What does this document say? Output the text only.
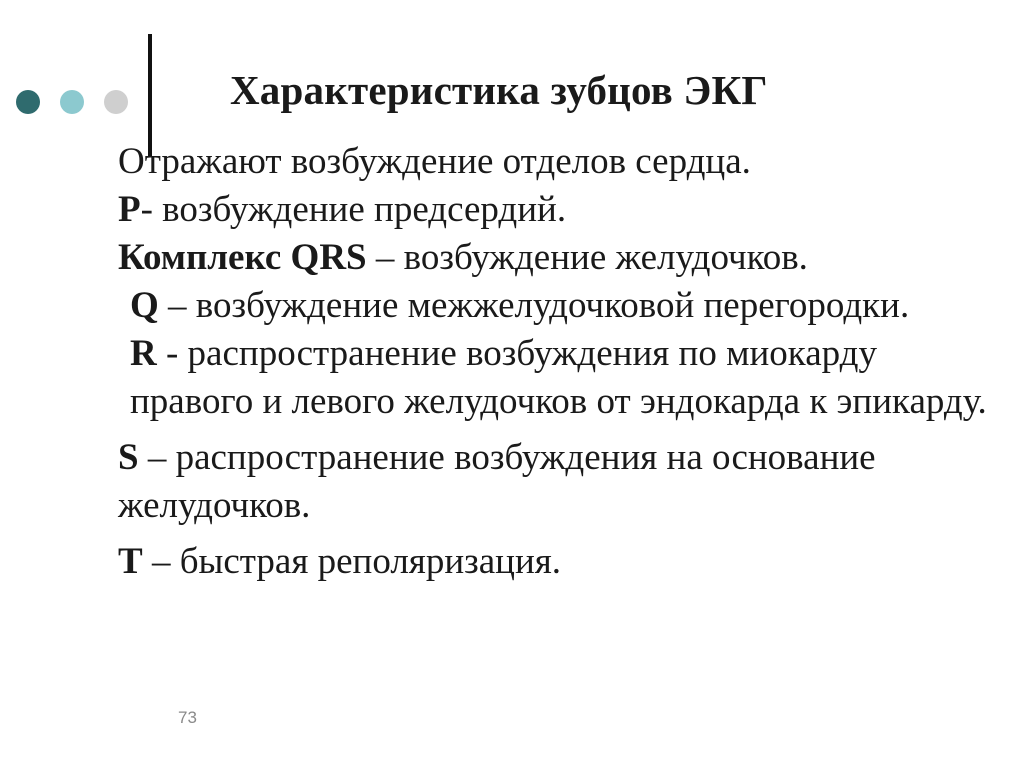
Характеристика зубцов ЭКГ

Отражают возбуждение отделов сердца.

Р- возбуждение предсердий.

Комплекс QRS – возбуждение желудочков.

Q – возбуждение межжелудочковой перегородки.

R - распространение возбуждения по миокарду правого и левого желудочков от эндокарда к эпикарду.

S – распространение возбуждения на основание желудочков.

Т – быстрая реполяризация.

73
